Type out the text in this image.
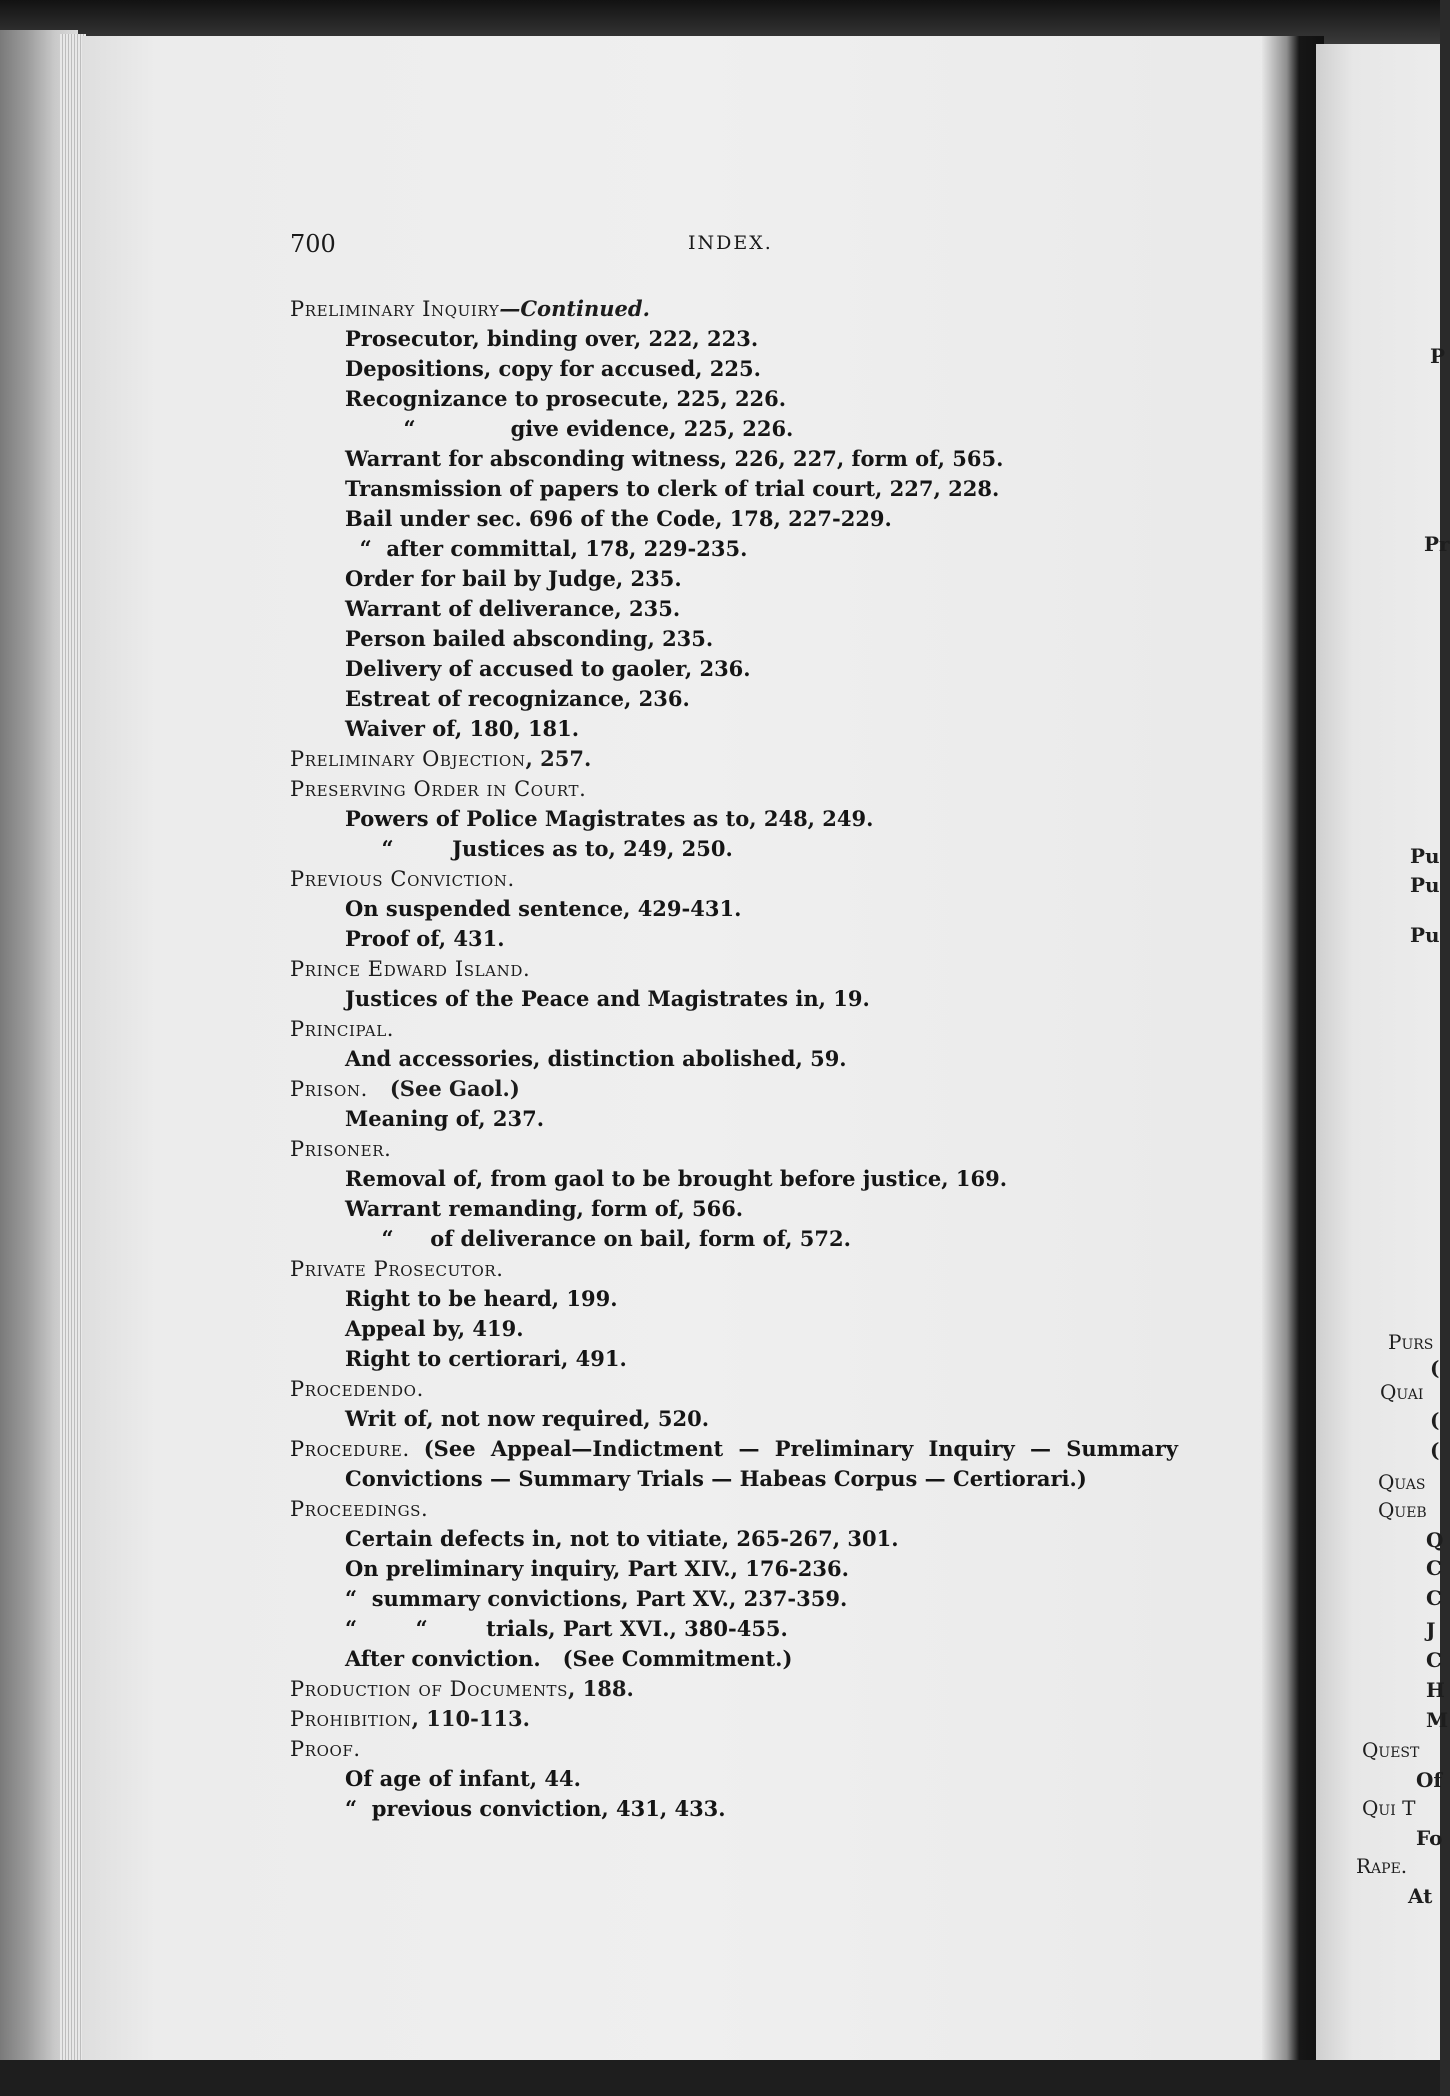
P
Pr
Pu
Pu
Pu
Purs
(
Quai
(
(
Quas
Queb
Q
C
C
J
C
H
M
Quest
Of
Qui T
Fo
Rape.
At
700	INDEX.
Preliminary Inquiry—Continued.
Prosecutor, binding over, 222, 223.
Depositions, copy for accused, 225.
Recognizance to prosecute, 225, 226.
“             give evidence, 225, 226.
Warrant for absconding witness, 226, 227, form of, 565.
Transmission of papers to clerk of trial court, 227, 228.
Bail under sec. 696 of the Code, 178, 227-229.
“  after committal, 178, 229-235.
Order for bail by Judge, 235.
Warrant of deliverance, 235.
Person bailed absconding, 235.
Delivery of accused to gaoler, 236.
Estreat of recognizance, 236.
Waiver of, 180, 181.
Preliminary Objection, 257.
Preserving Order in Court.
Powers of Police Magistrates as to, 248, 249.
“        Justices as to, 249, 250.
Previous Conviction.
On suspended sentence, 429-431.
Proof of, 431.
Prince Edward Island.
Justices of the Peace and Magistrates in, 19.
Principal.
And accessories, distinction abolished, 59.
Prison.   (See Gaol.)
Meaning of, 237.
Prisoner.
Removal of, from gaol to be brought before justice, 169.
Warrant remanding, form of, 566.
“     of deliverance on bail, form of, 572.
Private Prosecutor.
Right to be heard, 199.
Appeal by, 419.
Right to certiorari, 491.
Procedendo.
Writ of, not now required, 520.
Procedure. (See Appeal—Indictment — Preliminary Inquiry — Summary Convictions — Summary Trials — Habeas Corpus — Certiorari.)
Proceedings.
Certain defects in, not to vitiate, 265-267, 301.
On preliminary inquiry, Part XIV., 176-236.
“  summary convictions, Part XV., 237-359.
“        “        trials, Part XVI., 380-455.
After conviction.   (See Commitment.)
Production of Documents, 188.
Prohibition, 110-113.
Proof.
Of age of infant, 44.
“  previous conviction, 431, 433.
